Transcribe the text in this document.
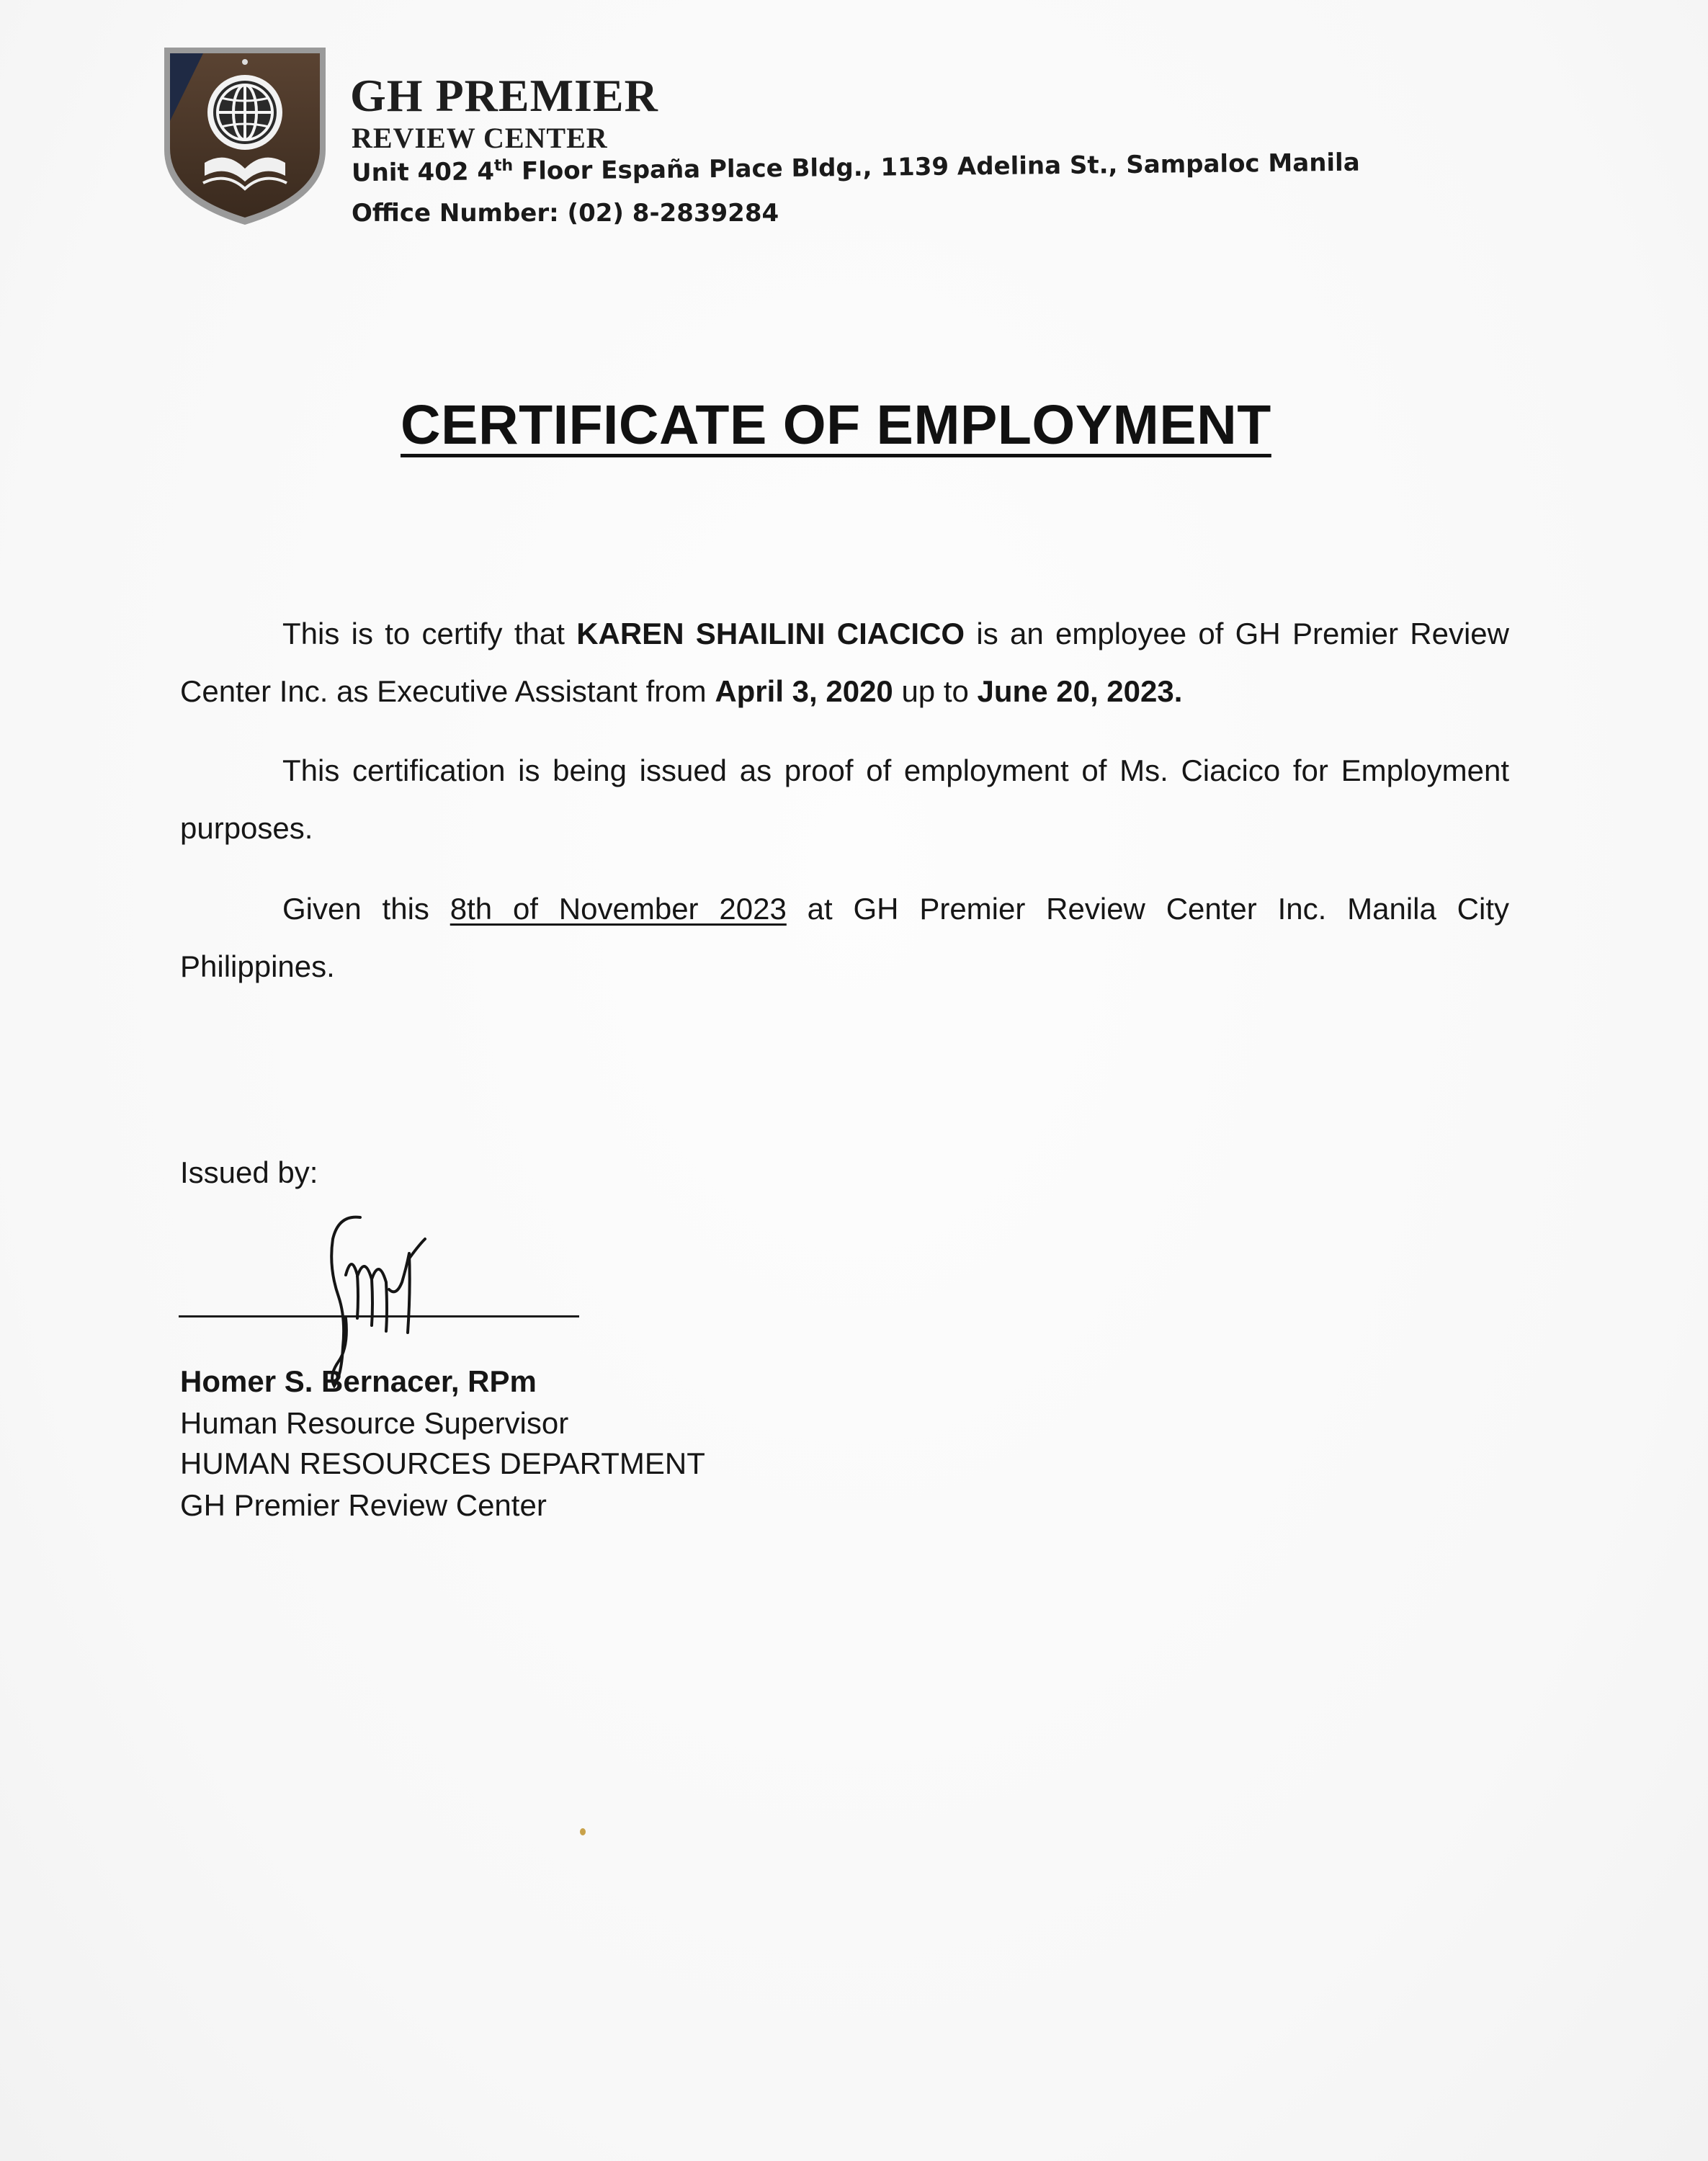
GH PREMIER
REVIEW CENTER
Unit 402 4th Floor España Place Bldg., 1139 Adelina St., Sampaloc Manila
Office Number: (02) 8-2839284
CERTIFICATE OF EMPLOYMENT
This is to certify that KAREN SHAILINI CIACICO is an employee of GH Premier Review Center Inc. as Executive Assistant from April 3, 2020 up to June 20, 2023.
This certification is being issued as proof of employment of Ms. Ciacico for Employment purposes.
Given this 8th of November 2023 at GH Premier Review Center Inc. Manila City Philippines.
Issued by:
Homer S. Bernacer, RPm
Human Resource Supervisor
HUMAN RESOURCES DEPARTMENT
GH Premier Review Center
